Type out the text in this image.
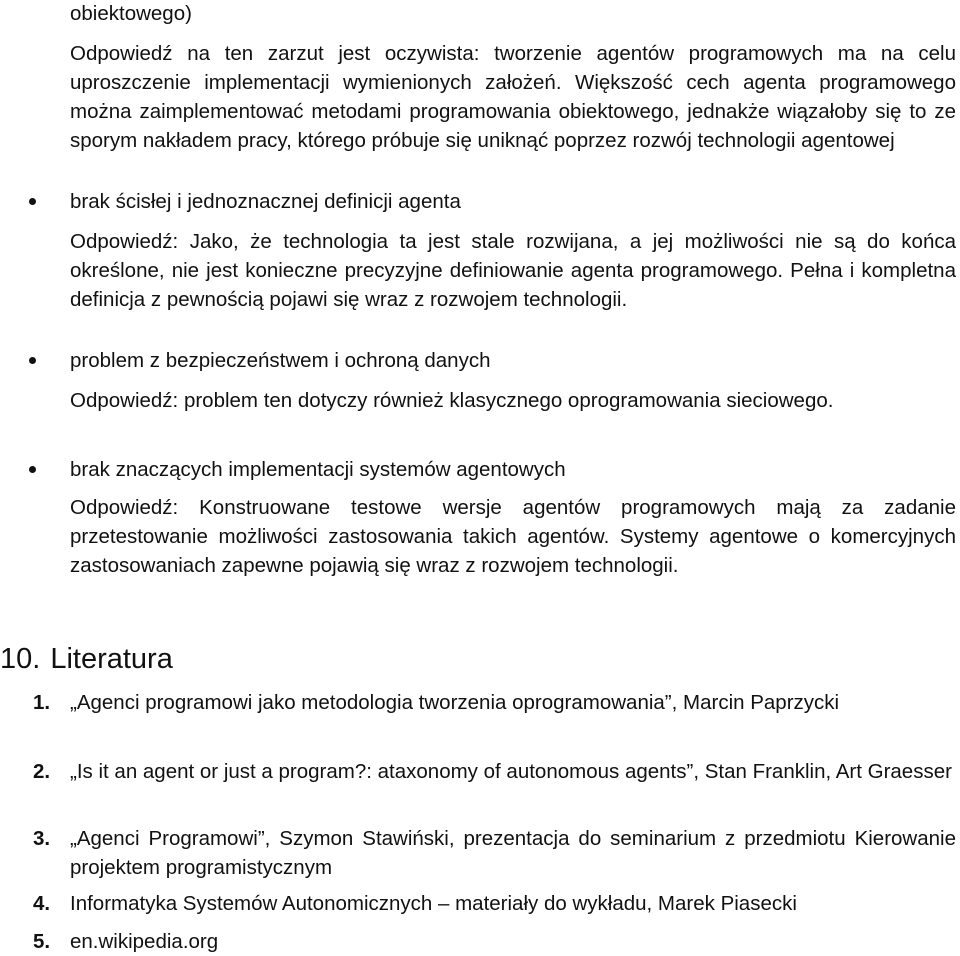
obiektowego)
Odpowiedź na ten zarzut jest oczywista: tworzenie agentów programowych ma na celu uproszczenie implementacji wymienionych założeń. Większość cech agenta programowego można zaimplementować metodami programowania obiektowego, jednakże wiązałoby się to ze sporym nakładem pracy, którego próbuje się uniknąć poprzez rozwój technologii agentowej
brak ścisłej i jednoznacznej definicji agenta
Odpowiedź: Jako, że technologia ta jest stale rozwijana, a jej możliwości nie są do końca określone, nie jest konieczne precyzyjne definiowanie agenta programowego. Pełna i kompletna definicja z pewnością pojawi się wraz z rozwojem technologii.
problem z bezpieczeństwem i ochroną danych
Odpowiedź: problem ten dotyczy również klasycznego oprogramowania sieciowego.
brak znaczących implementacji systemów agentowych
Odpowiedź: Konstruowane testowe wersje agentów programowych mają za zadanie przetestowanie możliwości zastosowania takich agentów. Systemy agentowe o komercyjnych zastosowaniach zapewne pojawią się wraz z rozwojem technologii.
10. Literatura
1. „Agenci programowi jako metodologia tworzenia oprogramowania”, Marcin Paprzycki
2. „Is it an agent or just a program?: ataxonomy of autonomous agents”, Stan Franklin, Art Graesser
3. „Agenci Programowi”, Szymon Stawiński, prezentacja do seminarium z przedmiotu Kierowanie projektem programistycznym
4. Informatyka Systemów Autonomicznych – materiały do wykładu, Marek Piasecki
5. en.wikipedia.org
